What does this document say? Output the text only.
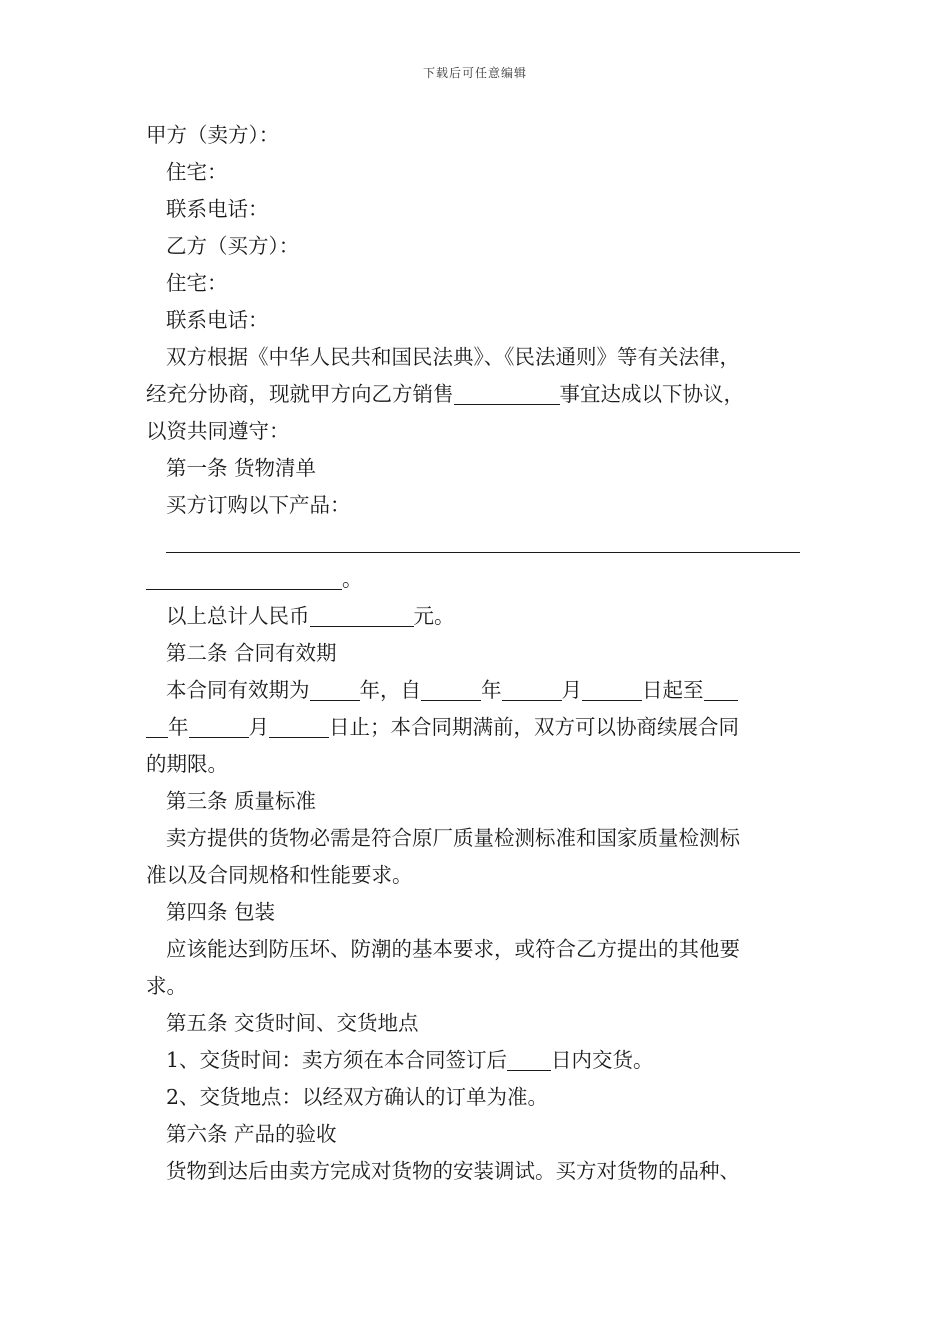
下载后可任意编辑
甲方（卖方）：
住宅：
联系电话：
乙方（买方）：
住宅：
联系电话：
双方根据《中华人民共和国民法典》、《民法通则》等有关法律，
经充分协商，现就甲方向乙方销售	事宜达成以下协议，
以资共同遵守：
第一条 货物清单
买方订购以下产品：
。
以上总计人民币	元。
第二条 合同有效期
本合同有效期为 年，自	年	月	日起至
年	月	日止；本合同期满前，双方可以协商续展合同
的期限。
第三条 质量标准
卖方提供的货物必需是符合原厂质量检测标准和国家质量检测标
准以及合同规格和性能要求。
第四条 包装
应该能达到防压坏、防潮的基本要求，或符合乙方提出的其他要
求。
第五条 交货时间、交货地点
1、交货时间：卖方须在本合同签订后 日内交货。
2、交货地点：以经双方确认的订单为准。
第六条 产品的验收
货物到达后由卖方完成对货物的安装调试。买方对货物的品种、
